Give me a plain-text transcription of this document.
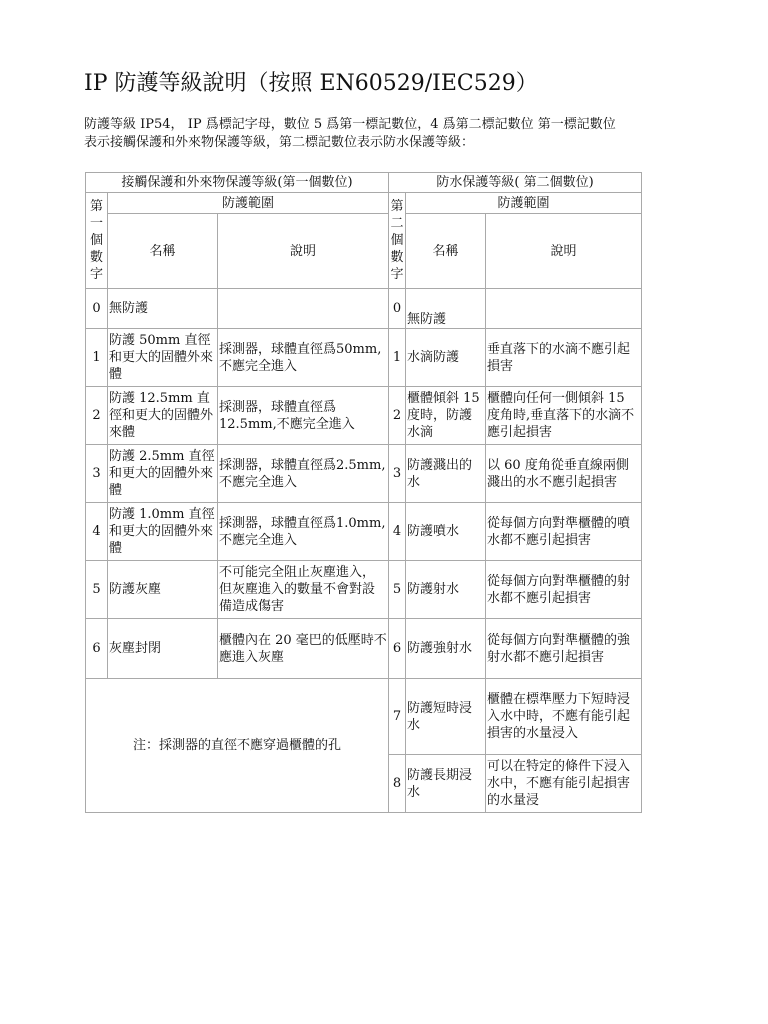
IP 防護等級說明（按照 EN60529/IEC529）

防護等級 IP54， IP 爲標記字母，數位 5 爲第一標記數位，4 爲第二標記數位 第一標記數位

表示接觸保護和外來物保護等級，第二標記數位表示防水保護等級：

接觸保護和外來物保護等級(第一個數位)			防水保護等級( 第二個數位)		
第一個數字	防護範圍		第二個數字	防護範圍	
	名稱	說明		名稱	說明
0	無防護		0	無防護	
1	防護 50mm 直徑和更大的固體外來體	採測器，球體直徑爲50mm,不應完全進入	1	水滴防護	垂直落下的水滴不應引起損害
2	防護 12.5mm 直徑和更大的固體外來體	採測器，球體直徑爲12.5mm,不應完全進入	2	櫃體傾斜 15 度時，防護水滴	櫃體向任何一側傾斜 15 度角時,垂直落下的水滴不應引起損害
3	防護 2.5mm 直徑和更大的固體外來體	採測器，球體直徑爲2.5mm,不應完全進入	3	防護濺出的水	以 60 度角從垂直線兩側濺出的水不應引起損害
4	防護 1.0mm 直徑和更大的固體外來體	採測器，球體直徑爲1.0mm,不應完全進入	4	防護噴水	從每個方向對準櫃體的噴水都不應引起損害
5	防護灰塵	不可能完全阻止灰塵進入，但灰塵進入的數量不會對設備造成傷害	5	防護射水	從每個方向對準櫃體的射水都不應引起損害
6	灰塵封閉	櫃體內在 20 毫巴的低壓時不應進入灰塵	6	防護強射水	從每個方向對準櫃體的強射水都不應引起損害
注：採測器的直徑不應穿過櫃體的孔			7	防護短時浸水	櫃體在標準壓力下短時浸入水中時，不應有能引起損害的水量浸入
			8	防護長期浸水	可以在特定的條件下浸入水中，不應有能引起損害的水量浸
